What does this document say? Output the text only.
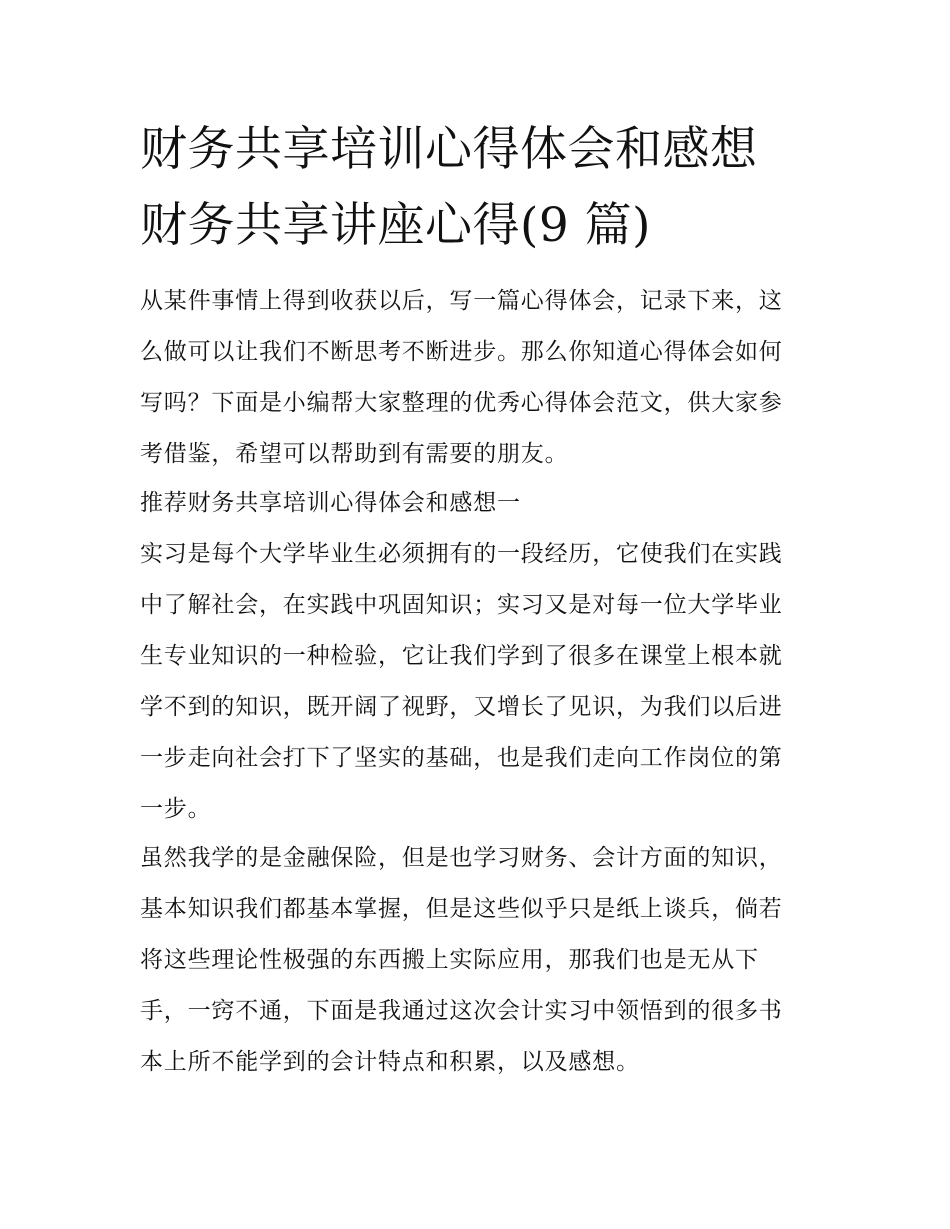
财务共享培训心得体会和感想
财务共享讲座心得(9 篇)

从某件事情上得到收获以后，写一篇心得体会，记录下来，这
么做可以让我们不断思考不断进步。那么你知道心得体会如何
写吗？下面是小编帮大家整理的优秀心得体会范文，供大家参
考借鉴，希望可以帮助到有需要的朋友。

推荐财务共享培训心得体会和感想一

实习是每个大学毕业生必须拥有的一段经历，它使我们在实践
中了解社会，在实践中巩固知识；实习又是对每一位大学毕业
生专业知识的一种检验，它让我们学到了很多在课堂上根本就
学不到的知识，既开阔了视野，又增长了见识，为我们以后进
一步走向社会打下了坚实的基础，也是我们走向工作岗位的第
一步。

虽然我学的是金融保险，但是也学习财务、会计方面的知识，
基本知识我们都基本掌握，但是这些似乎只是纸上谈兵，倘若
将这些理论性极强的东西搬上实际应用，那我们也是无从下
手，一窍不通，下面是我通过这次会计实习中领悟到的很多书
本上所不能学到的会计特点和积累，以及感想。
